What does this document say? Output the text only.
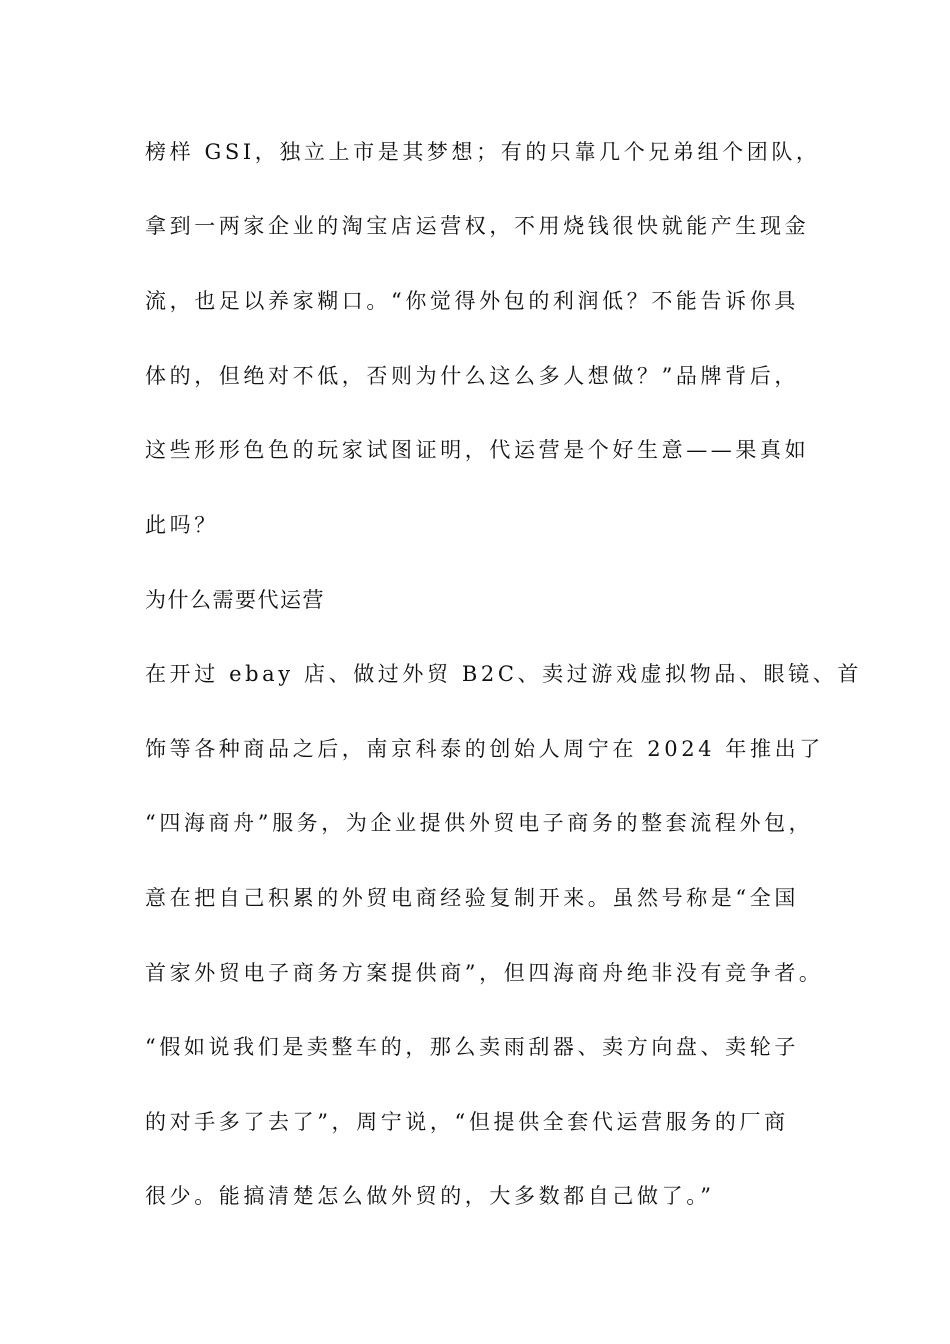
榜样 GSI，独立上市是其梦想；有的只靠几个兄弟组个团队，
拿到一两家企业的淘宝店运营权，不用烧钱很快就能产生现金
流，也足以养家糊口。“你觉得外包的利润低？不能告诉你具
体的，但绝对不低，否则为什么这么多人想做？”品牌背后，
这些形形色色的玩家试图证明，代运营是个好生意——果真如
此吗？
为什么需要代运营
在开过 ebay 店、做过外贸 B2C、卖过游戏虚拟物品、眼镜、首
饰等各种商品之后，南京科泰的创始人周宁在 2024 年推出了
“四海商舟”服务，为企业提供外贸电子商务的整套流程外包，
意在把自己积累的外贸电商经验复制开来。虽然号称是“全国
首家外贸电子商务方案提供商”，但四海商舟绝非没有竞争者。
“假如说我们是卖整车的，那么卖雨刮器、卖方向盘、卖轮子
的对手多了去了”，周宁说，“但提供全套代运营服务的厂商
很少。能搞清楚怎么做外贸的，大多数都自己做了。”
